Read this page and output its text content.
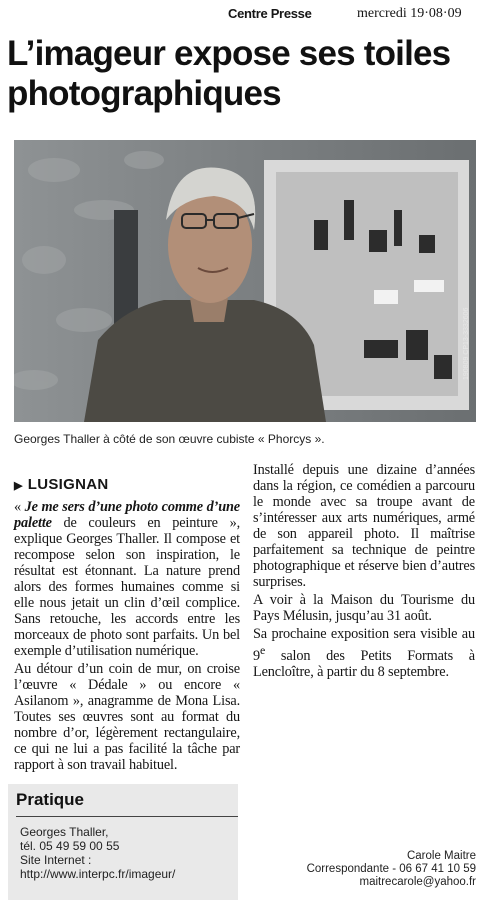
Centre Presse	mercredi 19·08·09
L’imageur expose ses toiles photographiques
190809 CP13-3332606
Georges Thaller à côté de son œuvre cubiste « Phorcys ».
▶ LUSIGNAN

« Je me sers d’une photo comme d’une palette de couleurs en peinture », explique Georges Thaller. Il compose et recompose selon son inspiration, le résultat est étonnant. La nature prend alors des formes humaines comme si elle nous jetait un clin d’œil complice. Sans retouche, les accords entre les morceaux de photo sont parfaits. Un bel exemple d’utilisation numérique.

Au détour d’un coin de mur, on croise l’œuvre « Dédale » ou encore « Asilanom », anagramme de Mona Lisa. Toutes ses œuvres sont au format du nombre d’or, légèrement rectangulaire, ce qui ne lui a pas facilité la tâche par rapport à son travail habituel.

Installé depuis une dizaine d’années dans la région, ce comédien a parcouru le monde avec sa troupe avant de s’intéresser aux arts numériques, armé de son appareil photo. Il maîtrise parfaitement sa technique de peintre photographique et réserve bien d’autres surprises.

A voir à la Maison du Tourisme du Pays Mélusin, jusqu’au 31 août.

Sa prochaine exposition sera visible au 9e salon des Petits Formats à Lencloître, à partir du 8 septembre.

Pratique
Georges Thaller,
tél. 05 49 59 00 55
Site Internet :
http://www.interpc.fr/imageur/
Carole Maitre
Correspondante - 06 67 41 10 59
maitrecarole@yahoo.fr
